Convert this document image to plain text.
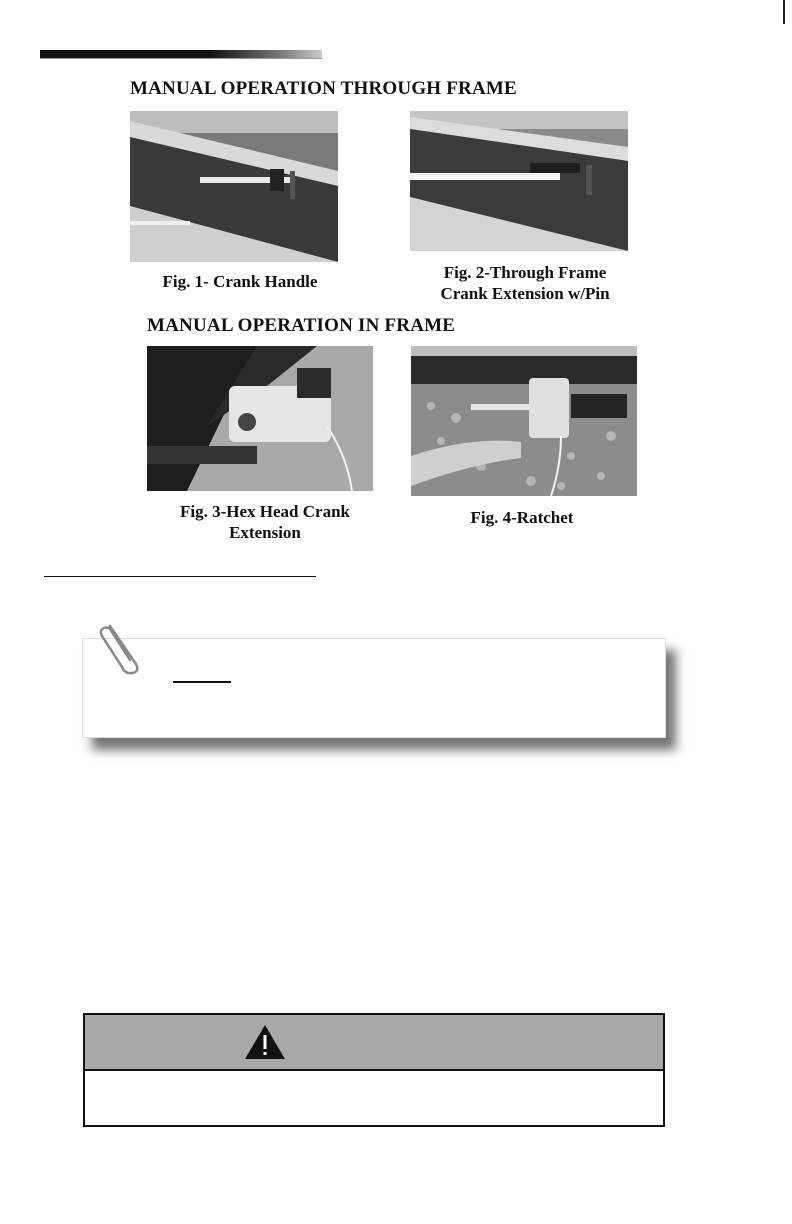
MANUAL OPERATION THROUGH FRAME
Fig. 1- Crank Handle	Fig. 2-Through Frame
Crank Extension w/Pin
MANUAL OPERATION IN FRAME
Fig. 3-Hex Head Crank
Extension
Fig. 4-Ratchet
